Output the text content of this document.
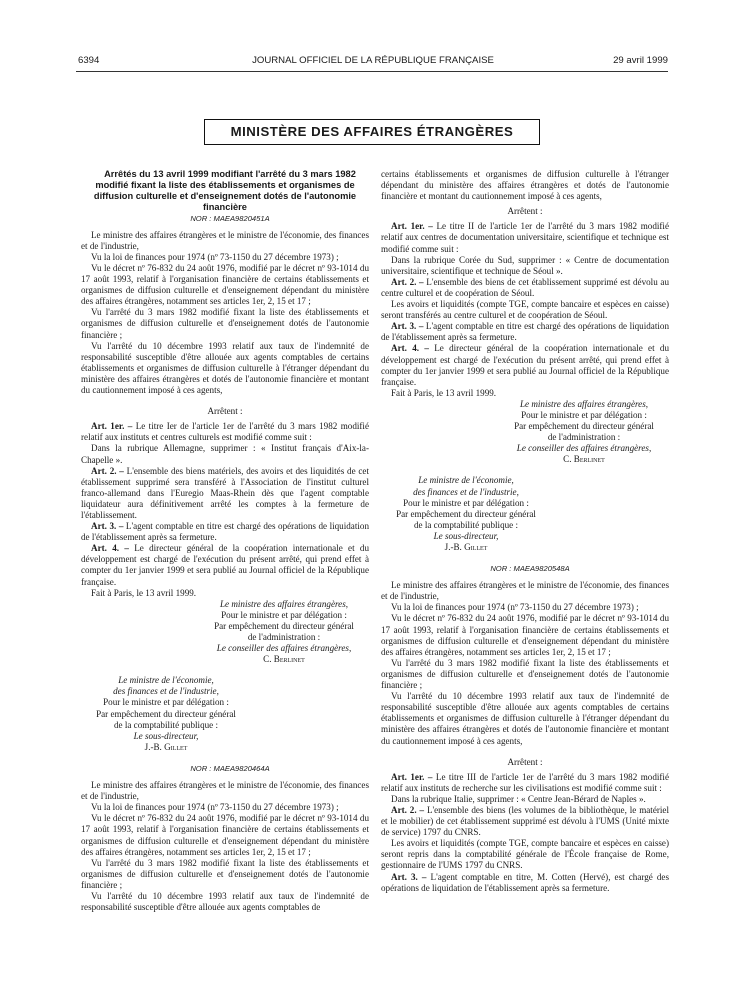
6394	JOURNAL OFFICIEL DE LA RÉPUBLIQUE FRANÇAISE	29 avril 1999
MINISTÈRE DES AFFAIRES ÉTRANGÈRES

Arrêtés du 13 avril 1999 modifiant l'arrêté du 3 mars 1982 modifié fixant la liste des établissements et organismes de diffusion culturelle et d'enseignement dotés de l'autonomie financière

NOR : MAEA9820451A

Le ministre des affaires étrangères et le ministre de l'économie, des finances et de l'industrie,

Vu la loi de finances pour 1974 (nº 73-1150 du 27 décembre 1973) ;

Vu le décret nº 76-832 du 24 août 1976, modifié par le décret nº 93-1014 du 17 août 1993, relatif à l'organisation financière de certains établissements et organismes de diffusion culturelle et d'enseignement dépendant du ministère des affaires étrangères, notamment ses articles 1er, 2, 15 et 17 ;

Vu l'arrêté du 3 mars 1982 modifié fixant la liste des établissements et organismes de diffusion culturelle et d'enseignement dotés de l'autonomie financière ;

Vu l'arrêté du 10 décembre 1993 relatif aux taux de l'indemnité de responsabilité susceptible d'être allouée aux agents comptables de certains établissements et organismes de diffusion culturelle à l'étranger dépendant du ministère des affaires étrangères et dotés de l'autonomie financière et montant du cautionnement imposé à ces agents,

Arrêtent :

Art. 1er. – Le titre Ier de l'article 1er de l'arrêté du 3 mars 1982 modifié relatif aux instituts et centres culturels est modifié comme suit :

Dans la rubrique Allemagne, supprimer : « Institut français d'Aix-la-Chapelle ».

Art. 2. – L'ensemble des biens matériels, des avoirs et des liquidités de cet établissement supprimé sera transféré à l'Association de l'institut culturel franco-allemand dans l'Euregio Maas-Rhein dès que l'agent comptable liquidateur aura définitivement arrêté les comptes à la fermeture de l'établissement.

Art. 3. – L'agent comptable en titre est chargé des opérations de liquidation de l'établissement après sa fermeture.

Art. 4. – Le directeur général de la coopération internationale et du développement est chargé de l'exécution du présent arrêté, qui prend effet à compter du 1er janvier 1999 et sera publié au Journal officiel de la République française.

Fait à Paris, le 13 avril 1999.

Le ministre des affaires étrangères,
Pour le ministre et par délégation :
Par empêchement du directeur général
de l'administration :
Le conseiller des affaires étrangères,
C. Berlinet
Le ministre de l'économie,
des finances et de l'industrie,
Pour le ministre et par délégation :
Par empêchement du directeur général
de la comptabilité publique :
Le sous-directeur,
J.-B. Gillet

NOR : MAEA9820464A

Le ministre des affaires étrangères et le ministre de l'économie, des finances et de l'industrie,

Vu la loi de finances pour 1974 (nº 73-1150 du 27 décembre 1973) ;

Vu le décret nº 76-832 du 24 août 1976, modifié par le décret nº 93-1014 du 17 août 1993, relatif à l'organisation financière de certains établissements et organismes de diffusion culturelle et d'enseignement dépendant du ministère des affaires étrangères, notamment ses articles 1er, 2, 15 et 17 ;

Vu l'arrêté du 3 mars 1982 modifié fixant la liste des établissements et organismes de diffusion culturelle et d'enseignement dotés de l'autonomie financière ;

Vu l'arrêté du 10 décembre 1993 relatif aux taux de l'indemnité de responsabilité susceptible d'être allouée aux agents comptables de

certains établissements et organismes de diffusion culturelle à l'étranger dépendant du ministère des affaires étrangères et dotés de l'autonomie financière et montant du cautionnement imposé à ces agents,

Arrêtent :

Art. 1er. – Le titre II de l'article 1er de l'arrêté du 3 mars 1982 modifié relatif aux centres de documentation universitaire, scientifique et technique est modifié comme suit :

Dans la rubrique Corée du Sud, supprimer : « Centre de documentation universitaire, scientifique et technique de Séoul ».

Art. 2. – L'ensemble des biens de cet établissement supprimé est dévolu au centre culturel et de coopération de Séoul.

Les avoirs et liquidités (compte TGE, compte bancaire et espèces en caisse) seront transférés au centre culturel et de coopération de Séoul.

Art. 3. – L'agent comptable en titre est chargé des opérations de liquidation de l'établissement après sa fermeture.

Art. 4. – Le directeur général de la coopération internationale et du développement est chargé de l'exécution du présent arrêté, qui prend effet à compter du 1er janvier 1999 et sera publié au Journal officiel de la République française.

Fait à Paris, le 13 avril 1999.

Le ministre des affaires étrangères,
Pour le ministre et par délégation :
Par empêchement du directeur général
de l'administration :
Le conseiller des affaires étrangères,
C. Berlinet
Le ministre de l'économie,
des finances et de l'industrie,
Pour le ministre et par délégation :
Par empêchement du directeur général
de la comptabilité publique :
Le sous-directeur,
J.-B. Gillet

NOR : MAEA9820548A

Le ministre des affaires étrangères et le ministre de l'économie, des finances et de l'industrie,

Vu la loi de finances pour 1974 (nº 73-1150 du 27 décembre 1973) ;

Vu le décret nº 76-832 du 24 août 1976, modifié par le décret nº 93-1014 du 17 août 1993, relatif à l'organisation financière de certains établissements et organismes de diffusion culturelle et d'enseignement dépendant du ministère des affaires étrangères, notamment ses articles 1er, 2, 15 et 17 ;

Vu l'arrêté du 3 mars 1982 modifié fixant la liste des établissements et organismes de diffusion culturelle et d'enseignement dotés de l'autonomie financière ;

Vu l'arrêté du 10 décembre 1993 relatif aux taux de l'indemnité de responsabilité susceptible d'être allouée aux agents comptables de certains établissements et organismes de diffusion culturelle à l'étranger dépendant du ministère des affaires étrangères et dotés de l'autonomie financière et montant du cautionnement imposé à ces agents,

Arrêtent :

Art. 1er. – Le titre III de l'article 1er de l'arrêté du 3 mars 1982 modifié relatif aux instituts de recherche sur les civilisations est modifié comme suit :

Dans la rubrique Italie, supprimer : « Centre Jean-Bérard de Naples ».

Art. 2. – L'ensemble des biens (les volumes de la bibliothèque, le matériel et le mobilier) de cet établissement supprimé est dévolu à l'UMS (Unité mixte de service) 1797 du CNRS.

Les avoirs et liquidités (compte TGE, compte bancaire et espèces en caisse) seront repris dans la comptabilité générale de l'École française de Rome, gestionnaire de l'UMS 1797 du CNRS.

Art. 3. – L'agent comptable en titre, M. Cotten (Hervé), est chargé des opérations de liquidation de l'établissement après sa fermeture.
